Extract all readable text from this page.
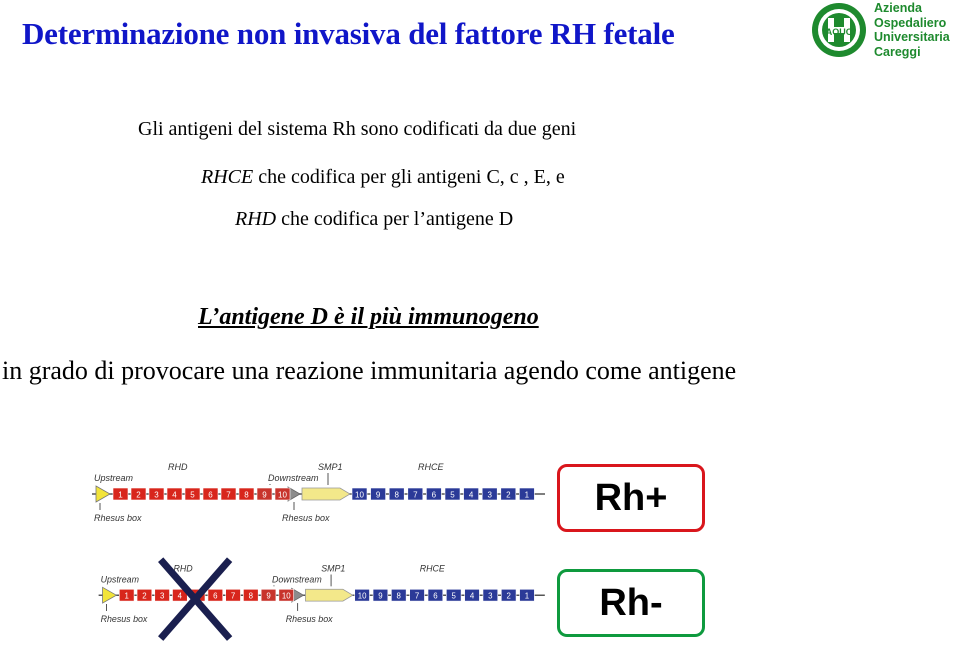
Determinazione non invasiva del fattore RH fetale	AOUC
Azienda
Ospedaliero
Universitaria
Careggi
Gli antigeni del sistema Rh sono codificati da due geni
RHCE che codifica per gli antigeni C, c , E, e
RHD che codifica per l’antigene D
L’antigene D è il più immunogeno
in grado di provocare una reazione immunitaria agendo come antigene
Upstream
RHD
Downstream
SMP1	RHCE
Rhesus box	Rhesus box
1 2 3 4 5 6 7 8 9 10	10 9 8 7 6 5 4 3 2 1
Upstream
RHD
Downstream
SMP1	RHCE
Rhesus box	Rhesus box
1 2 3 4	6 7 8 9 10	10 9 8 7 6 5 4 3 2 1
Rh+
Rh-
